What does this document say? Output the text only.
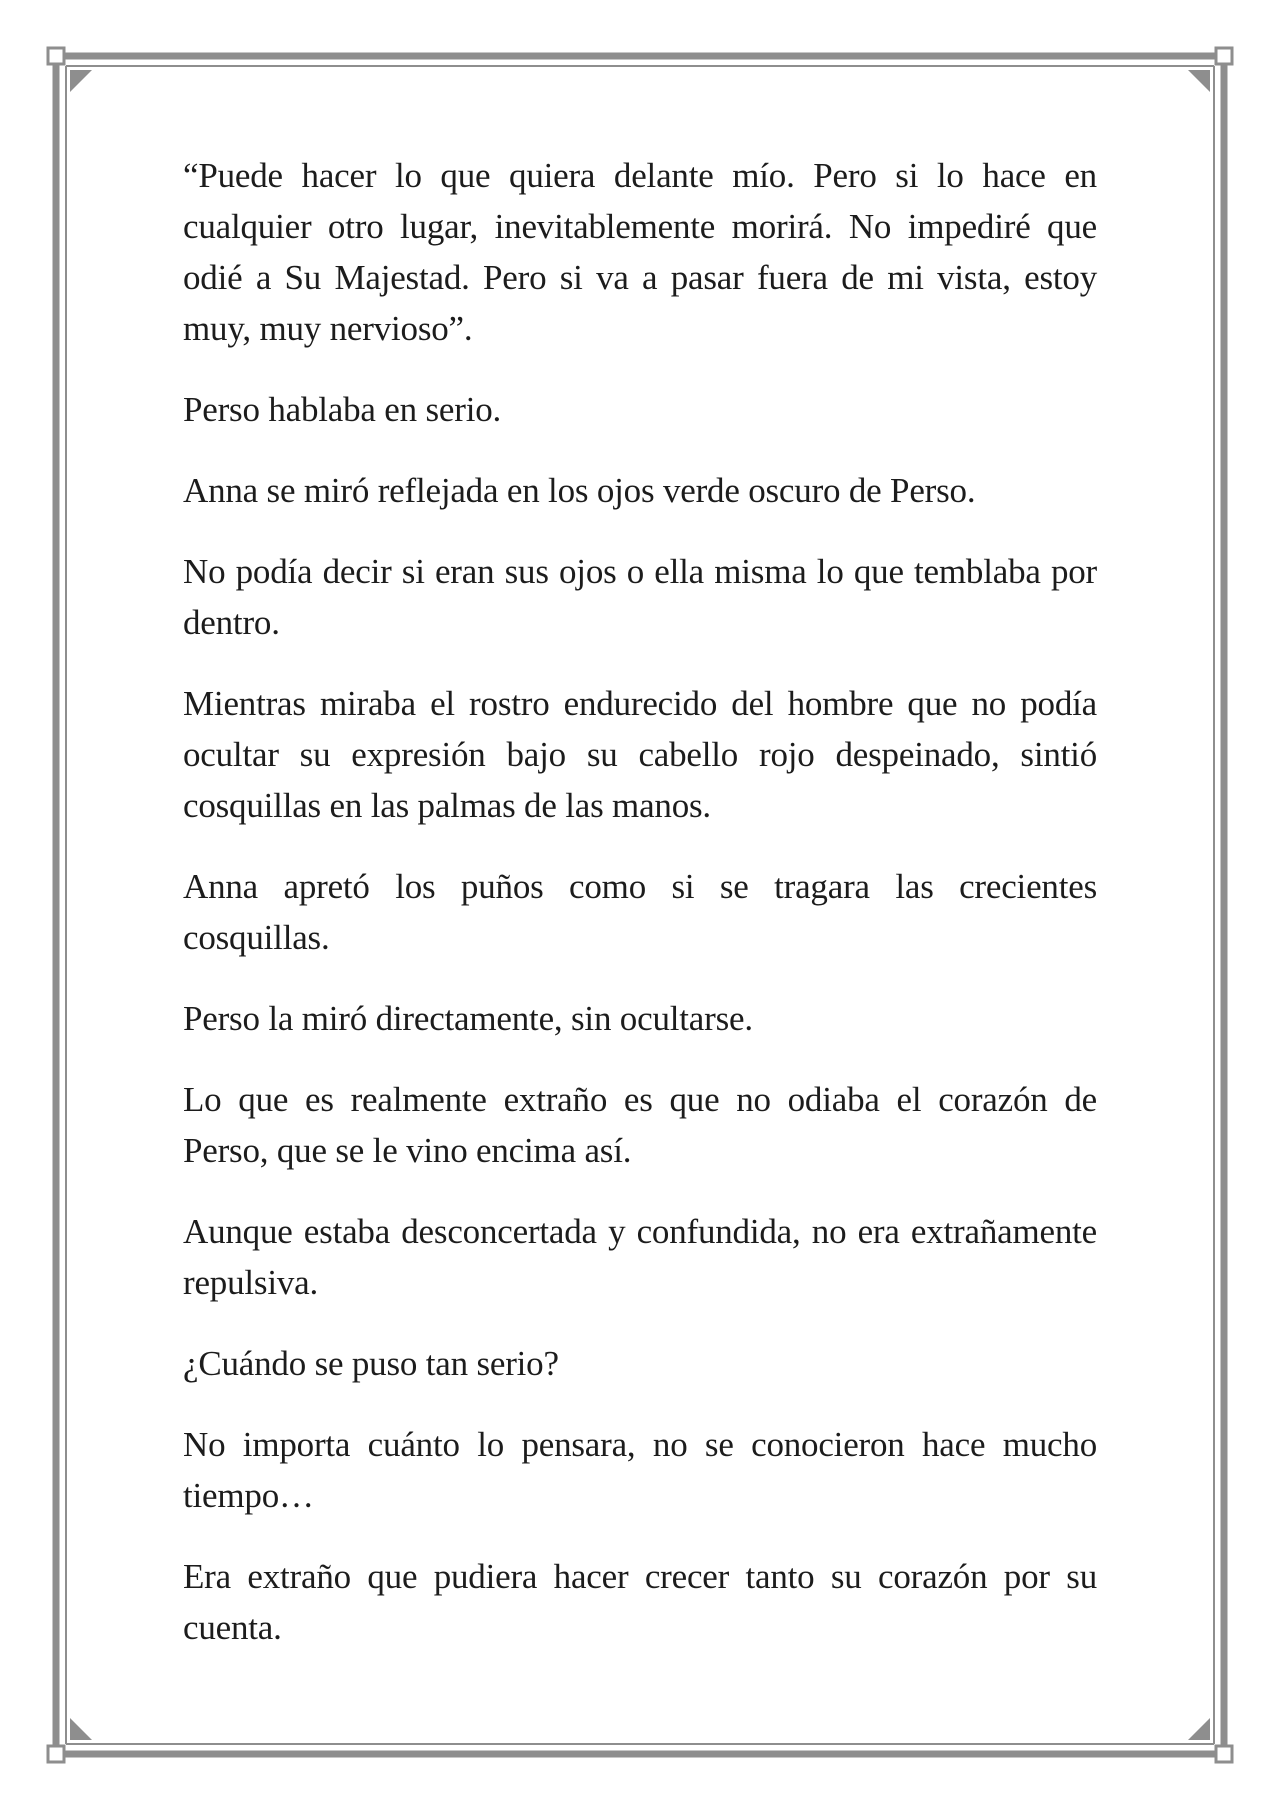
“Puede hacer lo que quiera delante mío. Pero si lo hace en cualquier otro lugar, inevitablemente morirá. No impediré que odié a Su Majestad. Pero si va a pasar fuera de mi vista, estoy muy, muy nervioso”.

Perso hablaba en serio.

Anna se miró reflejada en los ojos verde oscuro de Perso.

No podía decir si eran sus ojos o ella misma lo que temblaba por dentro.

Mientras miraba el rostro endurecido del hombre que no podía ocultar su expresión bajo su cabello rojo despeinado, sintió cosquillas en las palmas de las manos.

Anna apretó los puños como si se tragara las crecientes cosquillas.

Perso la miró directamente, sin ocultarse.

Lo que es realmente extraño es que no odiaba el corazón de Perso, que se le vino encima así.

Aunque estaba desconcertada y confundida, no era extrañamente repulsiva.

¿Cuándo se puso tan serio?

No importa cuánto lo pensara, no se conocieron hace mucho tiempo…

Era extraño que pudiera hacer crecer tanto su corazón por su cuenta.
